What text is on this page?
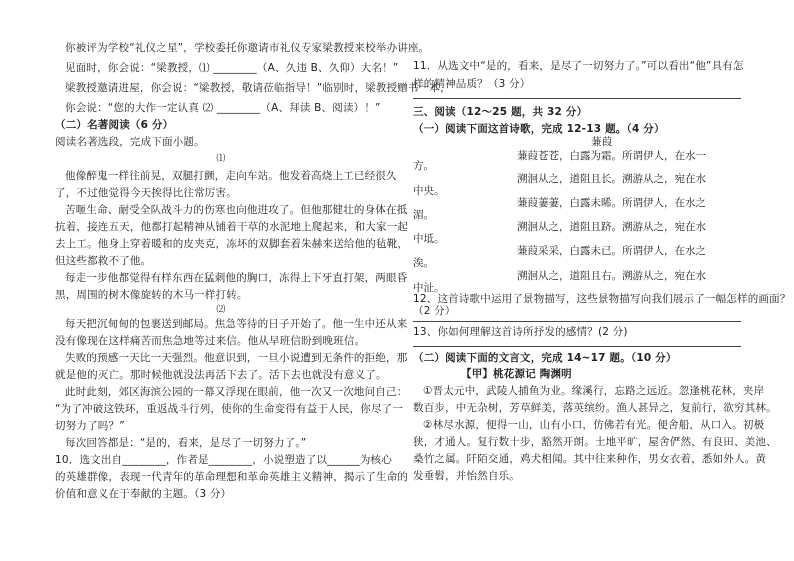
你被评为学校“礼仪之星”，学校委托你邀请市礼仪专家梁教授来校举办讲座。
见面时，你会说：“梁教授，⑴ ________（A、久违 B、久仰）大名！”
梁教授邀请进屋，你会说：“梁教授，敬请莅临指导！”临别时，梁教授赠书一本，
你会说：“您的大作一定认真 ⑵ ________（A、拜读 B、阅读）！”
（二）名著阅读（6 分）
阅读名著选段，完成下面小题。
⑴
他像醉鬼一样往前晃，双腿打颤，走向车站。他发着高烧上工已经很久
了，不过他觉得今天挨得比往常厉害。
苦咂生命、耐受全队战斗力的伤寒也向他进攻了。但他那健壮的身体在抵
抗着，接连五天，他都打起精神从铺着干草的水泥地上爬起来，和大家一起
去上工。他身上穿着暖和的皮夹克，冻坏的双脚套着朱赫来送给他的毡靴，
但这些都救不了他。
每走一步他都觉得有样东西在猛刺他的胸口，冻得上下牙直打架，两眼昏
黑，周围的树木像旋转的木马一样打转。
⑵
每天把沉甸甸的包裹送到邮局。焦急等待的日子开始了。他一生中还从来
没有像现在这样痛苦而焦急地等过来信。他从早班信盼到晚班信。
失败的预感一天比一天强烈。他意识到，一旦小说遭到无条件的拒绝，那
就是他的灭亡。那时候他就没法再活下去了。活下去也就没有意义了。
此时此刻，郊区海滨公园的一幕又浮现在眼前，他一次又一次地问自己：
“为了冲破这铁环，重返战斗行列，使你的生命变得有益于人民，你尽了一
切努力了吗？”
每次回答都是：“是的，看来，是尽了一切努力了。”
10．选文出自________，作者是________，小说塑造了以______为核心
的英雄群像，表现一代青年的革命理想和革命英雄主义精神，揭示了生命的
价值和意义在于奉献的主题。（3 分）
11．从选文中“是的，看来，是尽了一切努力了。”可以看出“他”具有怎
样的精神品质？（3 分）
三、阅读（12～25 题，共 32 分）
（一）阅读下面这首诗歌，完成 12-13 题。（4 分）
蒹葭
蒹葭苍苍，白露为霜。所谓伊人，在水一
方。
溯洄从之，道阻且长。溯游从之，宛在水
中央。
蒹葭萋萋，白露未晞。所谓伊人，在水之
湄。
溯洄从之，道阻且跻。溯游从之，宛在水
中坻。
蒹葭采采，白露未已。所谓伊人，在水之
涘。
溯洄从之，道阻且右。溯游从之，宛在水
中沚。
12、这首诗歌中运用了景物描写，这些景物描写向我们展示了一幅怎样的画面？
（2 分）
13、你如何理解这首诗所抒发的感情？(2 分)
（二）阅读下面的文言文，完成 14~17 题。（10 分）
【甲】桃花源记 陶渊明
①晋太元中，武陵人捕鱼为业。缘溪行，忘路之远近。忽逢桃花林，夹岸
数百步，中无杂树，芳草鲜美，落英缤纷。渔人甚异之，复前行，欲穷其林。
②林尽水源，便得一山，山有小口，仿佛若有光。便舍船，从口入。初极
狭，才通人。复行数十步，豁然开朗。土地平旷，屋舍俨然，有良田、美池、
桑竹之属。阡陌交通，鸡犬相闻。其中往来种作，男女衣着，悉如外人。黄
发垂髫，并怡然自乐。
